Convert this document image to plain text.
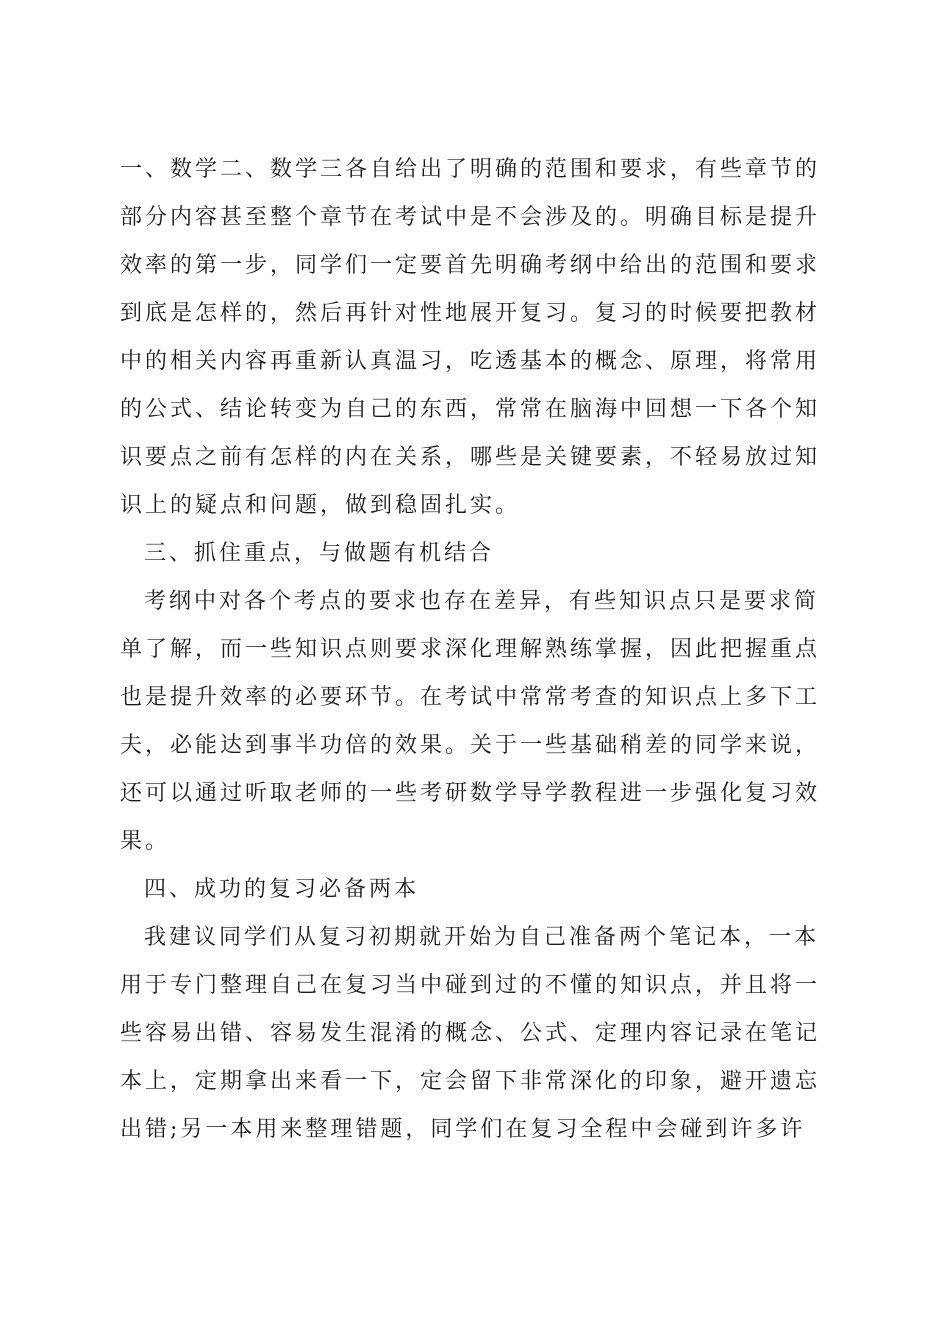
一、数学二、数学三各自给出了明确的范围和要求，有些章节的
部分内容甚至整个章节在考试中是不会涉及的。明确目标是提升
效率的第一步，同学们一定要首先明确考纲中给出的范围和要求
到底是怎样的，然后再针对性地展开复习。复习的时候要把教材
中的相关内容再重新认真温习，吃透基本的概念、原理，将常用
的公式、结论转变为自己的东西，常常在脑海中回想一下各个知
识要点之前有怎样的内在关系，哪些是关键要素，不轻易放过知
识上的疑点和问题，做到稳固扎实。
三、抓住重点，与做题有机结合
考纲中对各个考点的要求也存在差异，有些知识点只是要求简
单了解，而一些知识点则要求深化理解熟练掌握，因此把握重点
也是提升效率的必要环节。在考试中常常考查的知识点上多下工
夫，必能达到事半功倍的效果。关于一些基础稍差的同学来说，
还可以通过听取老师的一些考研数学导学教程进一步强化复习效
果。
四、成功的复习必备两本
我建议同学们从复习初期就开始为自己准备两个笔记本，一本
用于专门整理自己在复习当中碰到过的不懂的知识点，并且将一
些容易出错、容易发生混淆的概念、公式、定理内容记录在笔记
本上，定期拿出来看一下，定会留下非常深化的印象，避开遗忘
出错;另一本用来整理错题，同学们在复习全程中会碰到许多许
